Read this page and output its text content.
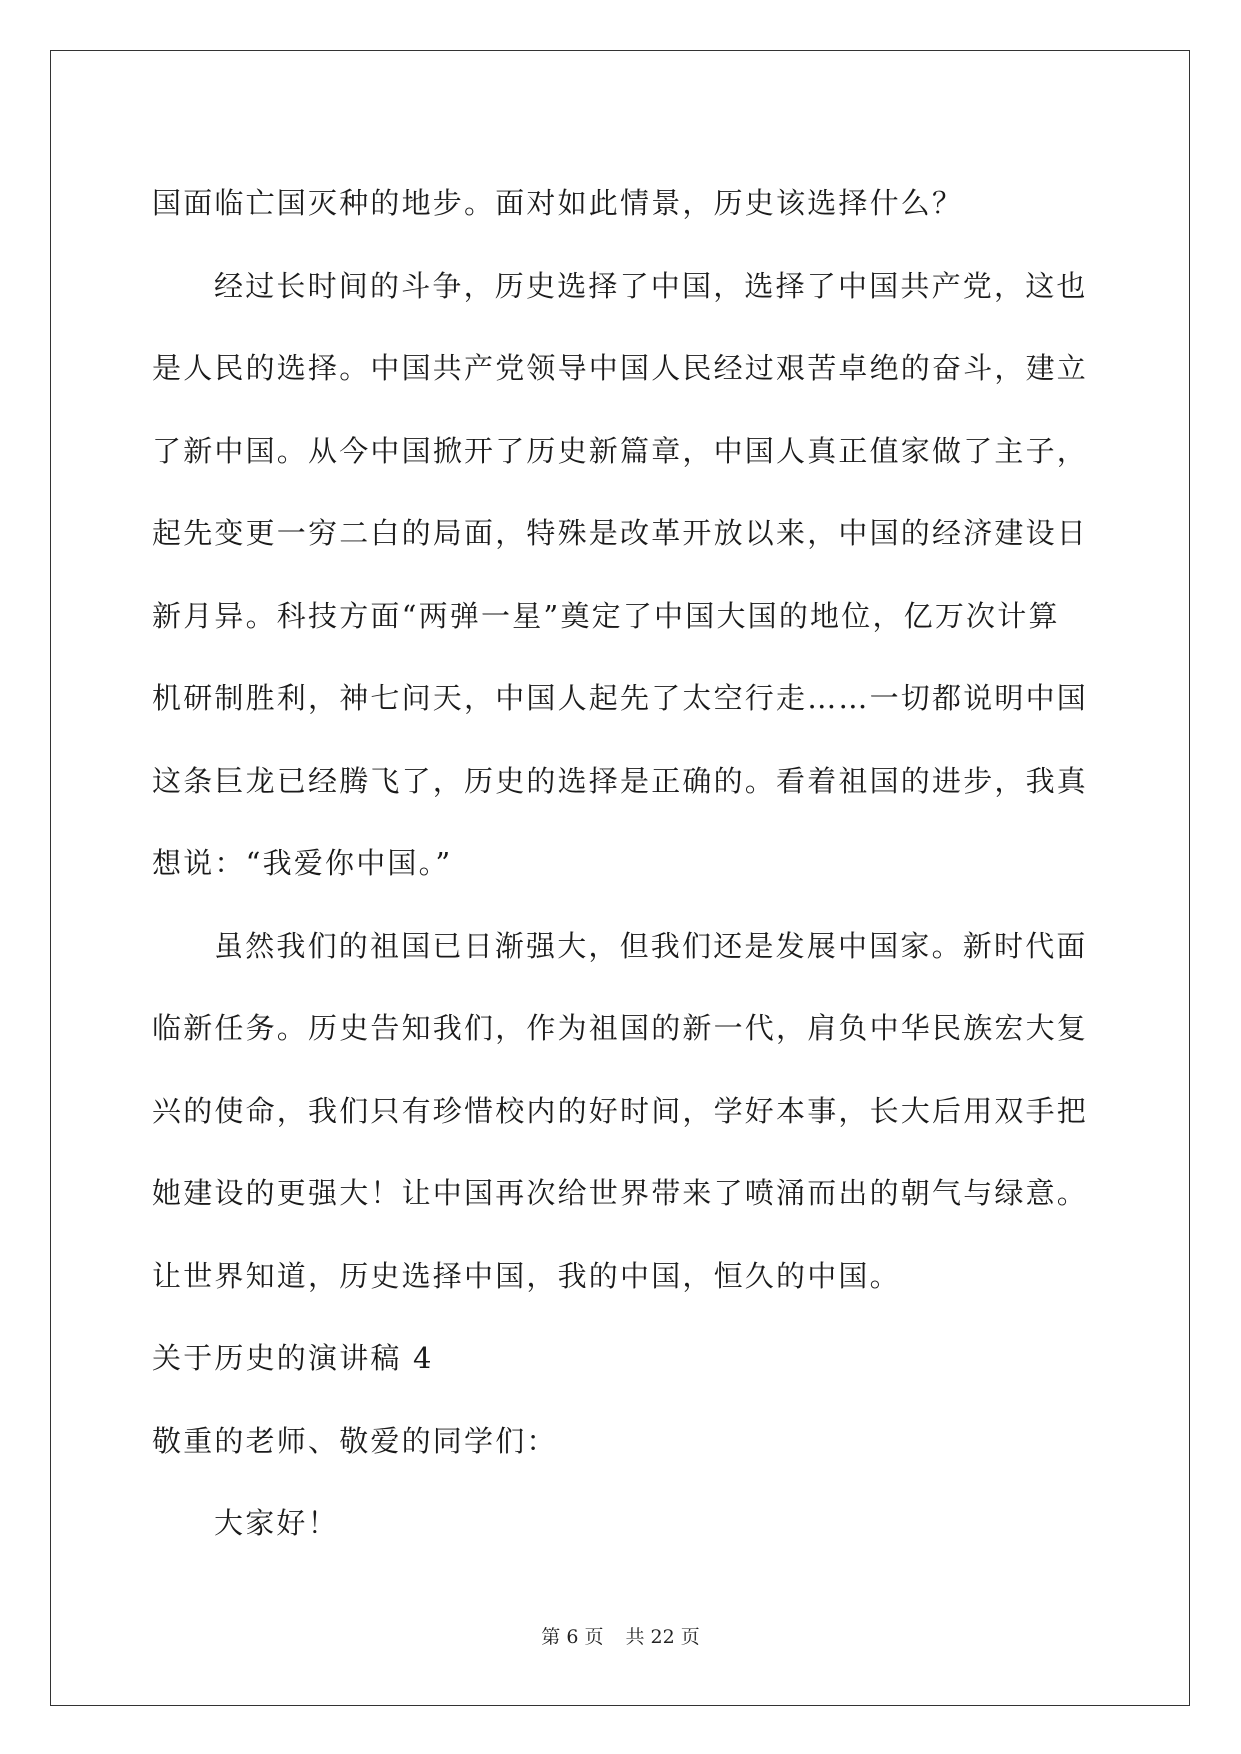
国面临亡国灭种的地步。面对如此情景，历史该选择什么？

经过长时间的斗争，历史选择了中国，选择了中国共产党，这也
是人民的选择。中国共产党领导中国人民经过艰苦卓绝的奋斗，建立
了新中国。从今中国掀开了历史新篇章，中国人真正值家做了主子，
起先变更一穷二白的局面，特殊是改革开放以来，中国的经济建设日
新月异。科技方面“两弹一星”奠定了中国大国的地位，亿万次计算
机研制胜利，神七问天，中国人起先了太空行走……一切都说明中国
这条巨龙已经腾飞了，历史的选择是正确的。看着祖国的进步，我真
想说：“我爱你中国。”

虽然我们的祖国已日渐强大，但我们还是发展中国家。新时代面
临新任务。历史告知我们，作为祖国的新一代，肩负中华民族宏大复
兴的使命，我们只有珍惜校内的好时间，学好本事，长大后用双手把
她建设的更强大！让中国再次给世界带来了喷涌而出的朝气与绿意。
让世界知道，历史选择中国，我的中国，恒久的中国。

关于历史的演讲稿 4

敬重的老师、敬爱的同学们：

大家好！

第 6 页 共 22 页
